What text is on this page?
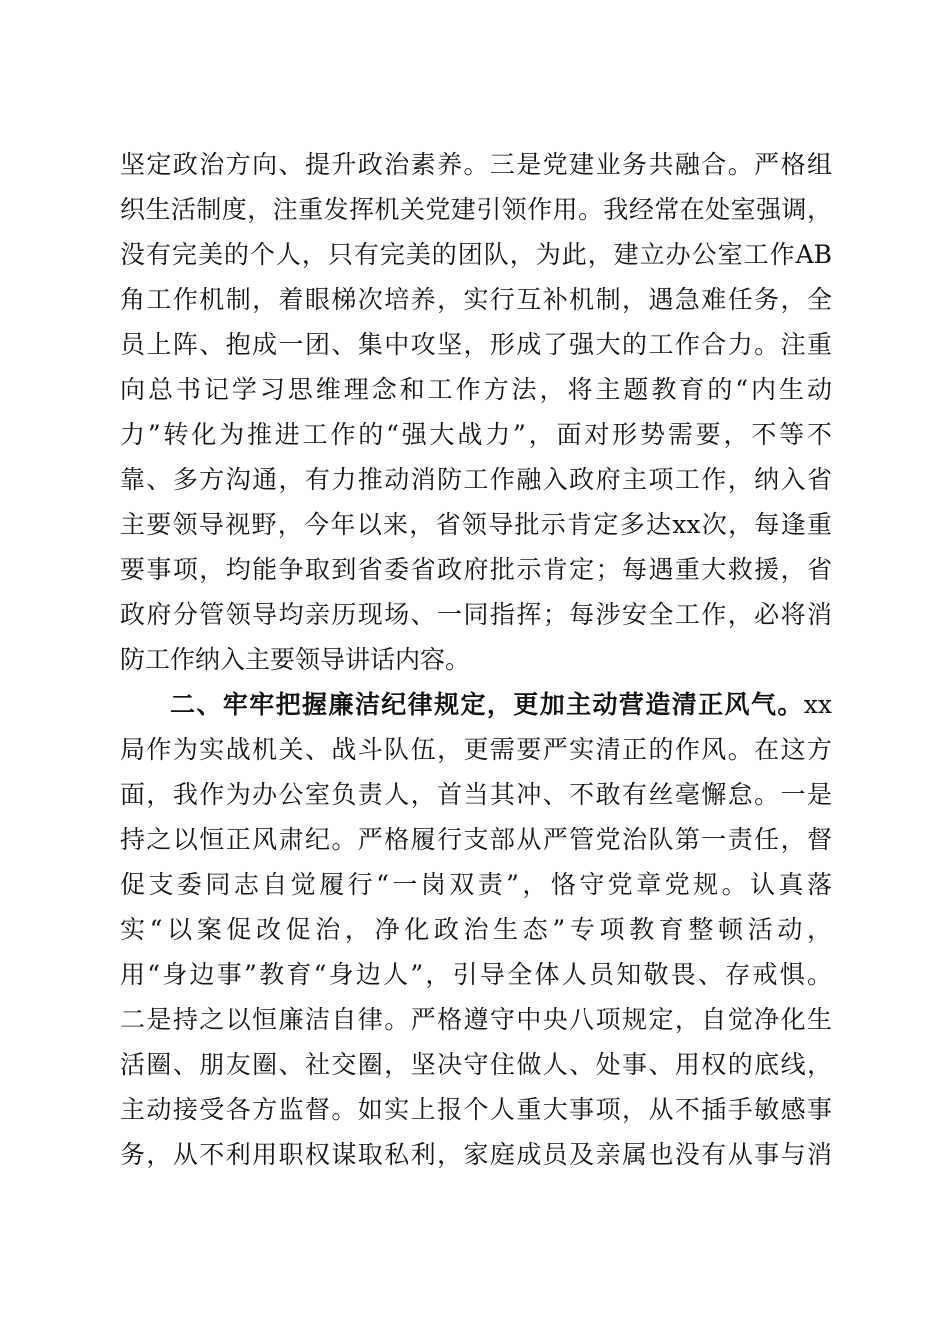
坚定政治方向、提升政治素养。三是党建业务共融合。严格组
织生活制度，注重发挥机关党建引领作用。我经常在处室强调，
没有完美的个人，只有完美的团队，为此，建立办公室工作AB
角工作机制，着眼梯次培养，实行互补机制，遇急难任务，全
员上阵、抱成一团、集中攻坚，形成了强大的工作合力。注重
向总书记学习思维理念和工作方法，将主题教育的“内生动
力”转化为推进工作的“强大战力”，面对形势需要，不等不
靠、多方沟通，有力推动消防工作融入政府主项工作，纳入省
主要领导视野，今年以来，省领导批示肯定多达xx次，每逢重
要事项，均能争取到省委省政府批示肯定；每遇重大救援，省
政府分管领导均亲历现场、一同指挥；每涉安全工作，必将消
防工作纳入主要领导讲话内容。
二、牢牢把握廉洁纪律规定，更加主动营造清正风气。xx
局作为实战机关、战斗队伍，更需要严实清正的作风。在这方
面，我作为办公室负责人，首当其冲、不敢有丝毫懈怠。一是
持之以恒正风肃纪。严格履行支部从严管党治队第一责任，督
促支委同志自觉履行“一岗双责”，恪守党章党规。认真落
实“以案促改促治，净化政治生态”专项教育整顿活动，
用“身边事”教育“身边人”，引导全体人员知敬畏、存戒惧。
二是持之以恒廉洁自律。严格遵守中央八项规定，自觉净化生
活圈、朋友圈、社交圈，坚决守住做人、处事、用权的底线，
主动接受各方监督。如实上报个人重大事项，从不插手敏感事
务，从不利用职权谋取私利，家庭成员及亲属也没有从事与消
